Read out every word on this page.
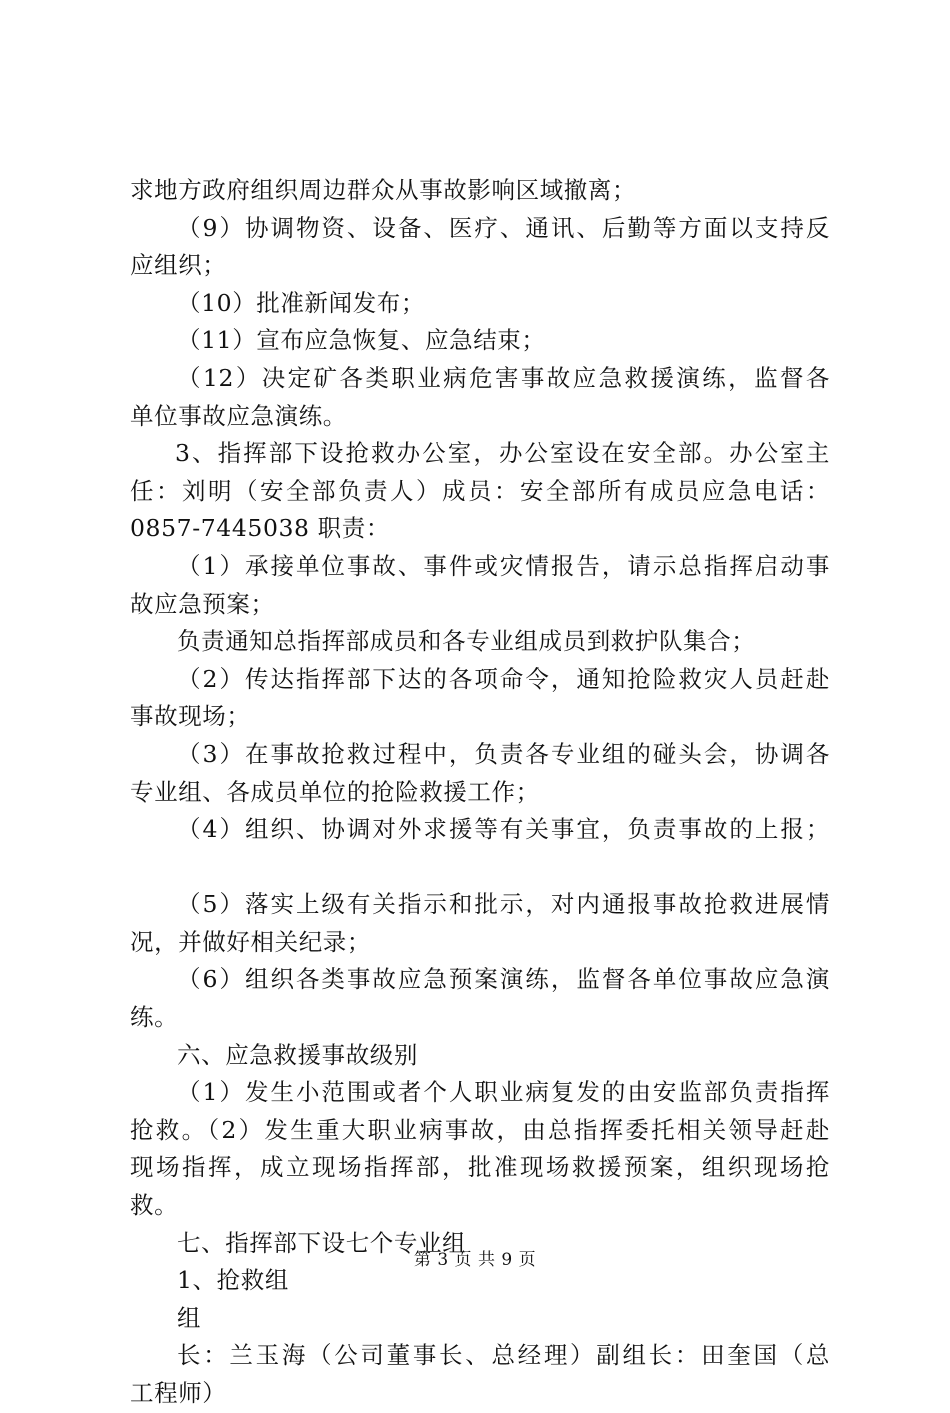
求地方政府组织周边群众从事故影响区域撤离；
（9）协调物资、设备、医疗、通讯、后勤等方面以支持反
应组织；
（10）批准新闻发布；
（11）宣布应急恢复、应急结束；
（12）决定矿各类职业病危害事故应急救援演练，监督各
单位事故应急演练。
3、指挥部下设抢救办公室，办公室设在安全部。办公室主
任：刘明（安全部负责人）成员：安全部所有成员应急电话：
0857-7445038 职责：
（1）承接单位事故、事件或灾情报告，请示总指挥启动事
故应急预案；
负责通知总指挥部成员和各专业组成员到救护队集合；
（2）传达指挥部下达的各项命令，通知抢险救灾人员赶赴
事故现场；
（3）在事故抢救过程中，负责各专业组的碰头会，协调各
专业组、各成员单位的抢险救援工作；
（4）组织、协调对外求援等有关事宜，负责事故的上报；
（5）落实上级有关指示和批示，对内通报事故抢救进展情
况，并做好相关纪录；
（6）组织各类事故应急预案演练，监督各单位事故应急演
练。
六、应急救援事故级别
（1）发生小范围或者个人职业病复发的由安监部负责指挥
抢救。（2）发生重大职业病事故，由总指挥委托相关领导赶赴
现场指挥，成立现场指挥部，批准现场救援预案，组织现场抢
救。
七、指挥部下设七个专业组
1、抢救组
组
长：兰玉海（公司董事长、总经理）副组长：田奎国（总
工程师）
第 3 页 共 9 页
